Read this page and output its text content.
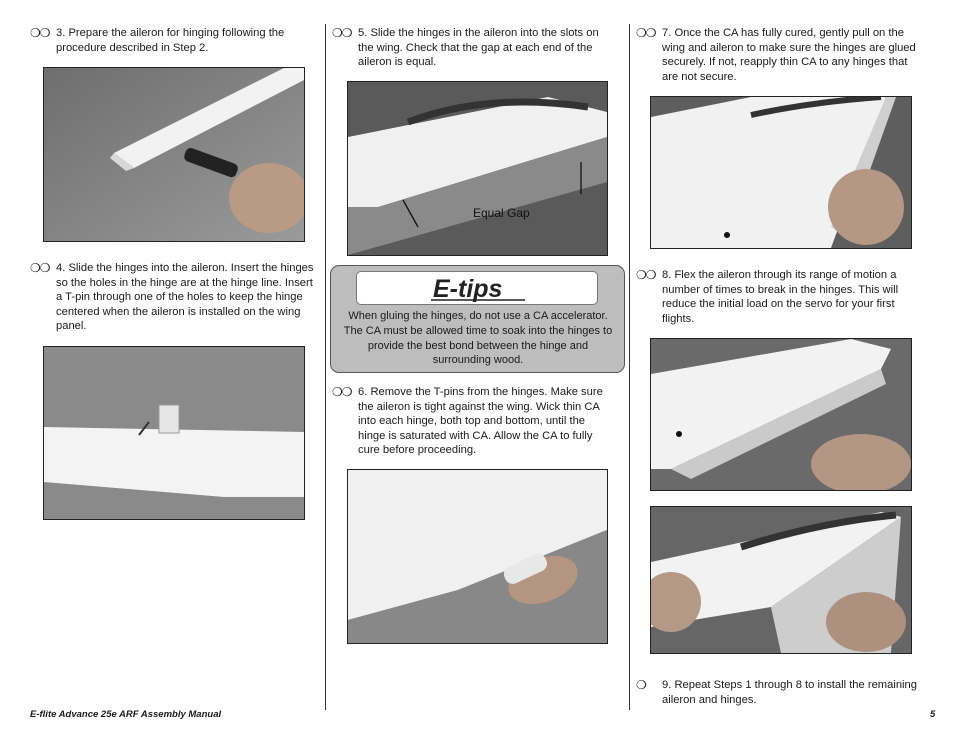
❍❍ 3. Prepare the aileron for hinging following the procedure described in Step 2.
❍❍ 4. Slide the hinges into the aileron. Insert the hinges so the holes in the hinge are at the hinge line. Insert a T-pin through one of the holes to keep the hinge centered when the aileron is installed on the wing panel.
❍❍ 5. Slide the hinges in the aileron into the slots on the wing. Check that the gap at each end of the aileron is equal.
Equal Gap
E-tips
When gluing the hinges, do not use a CA accelerator. The CA must be allowed time to soak into the hinges to provide the best bond between the hinge and surrounding wood.
❍❍ 6. Remove the T-pins from the hinges. Make sure the aileron is tight against the wing. Wick thin CA into each hinge, both top and bottom, until the hinge is saturated with CA. Allow the CA to fully cure before proceeding.
❍❍ 7. Once the CA has fully cured, gently pull on the wing and aileron to make sure the hinges are glued securely. If not, reapply thin CA to any hinges that are not secure.
❍❍ 8. Flex the aileron through its range of motion a number of times to break in the hinges. This will reduce the initial load on the servo for your first flights.
❍ 9. Repeat Steps 1 through 8 to install the remaining aileron and hinges.
E-flite Advance 25e ARF Assembly Manual	5
